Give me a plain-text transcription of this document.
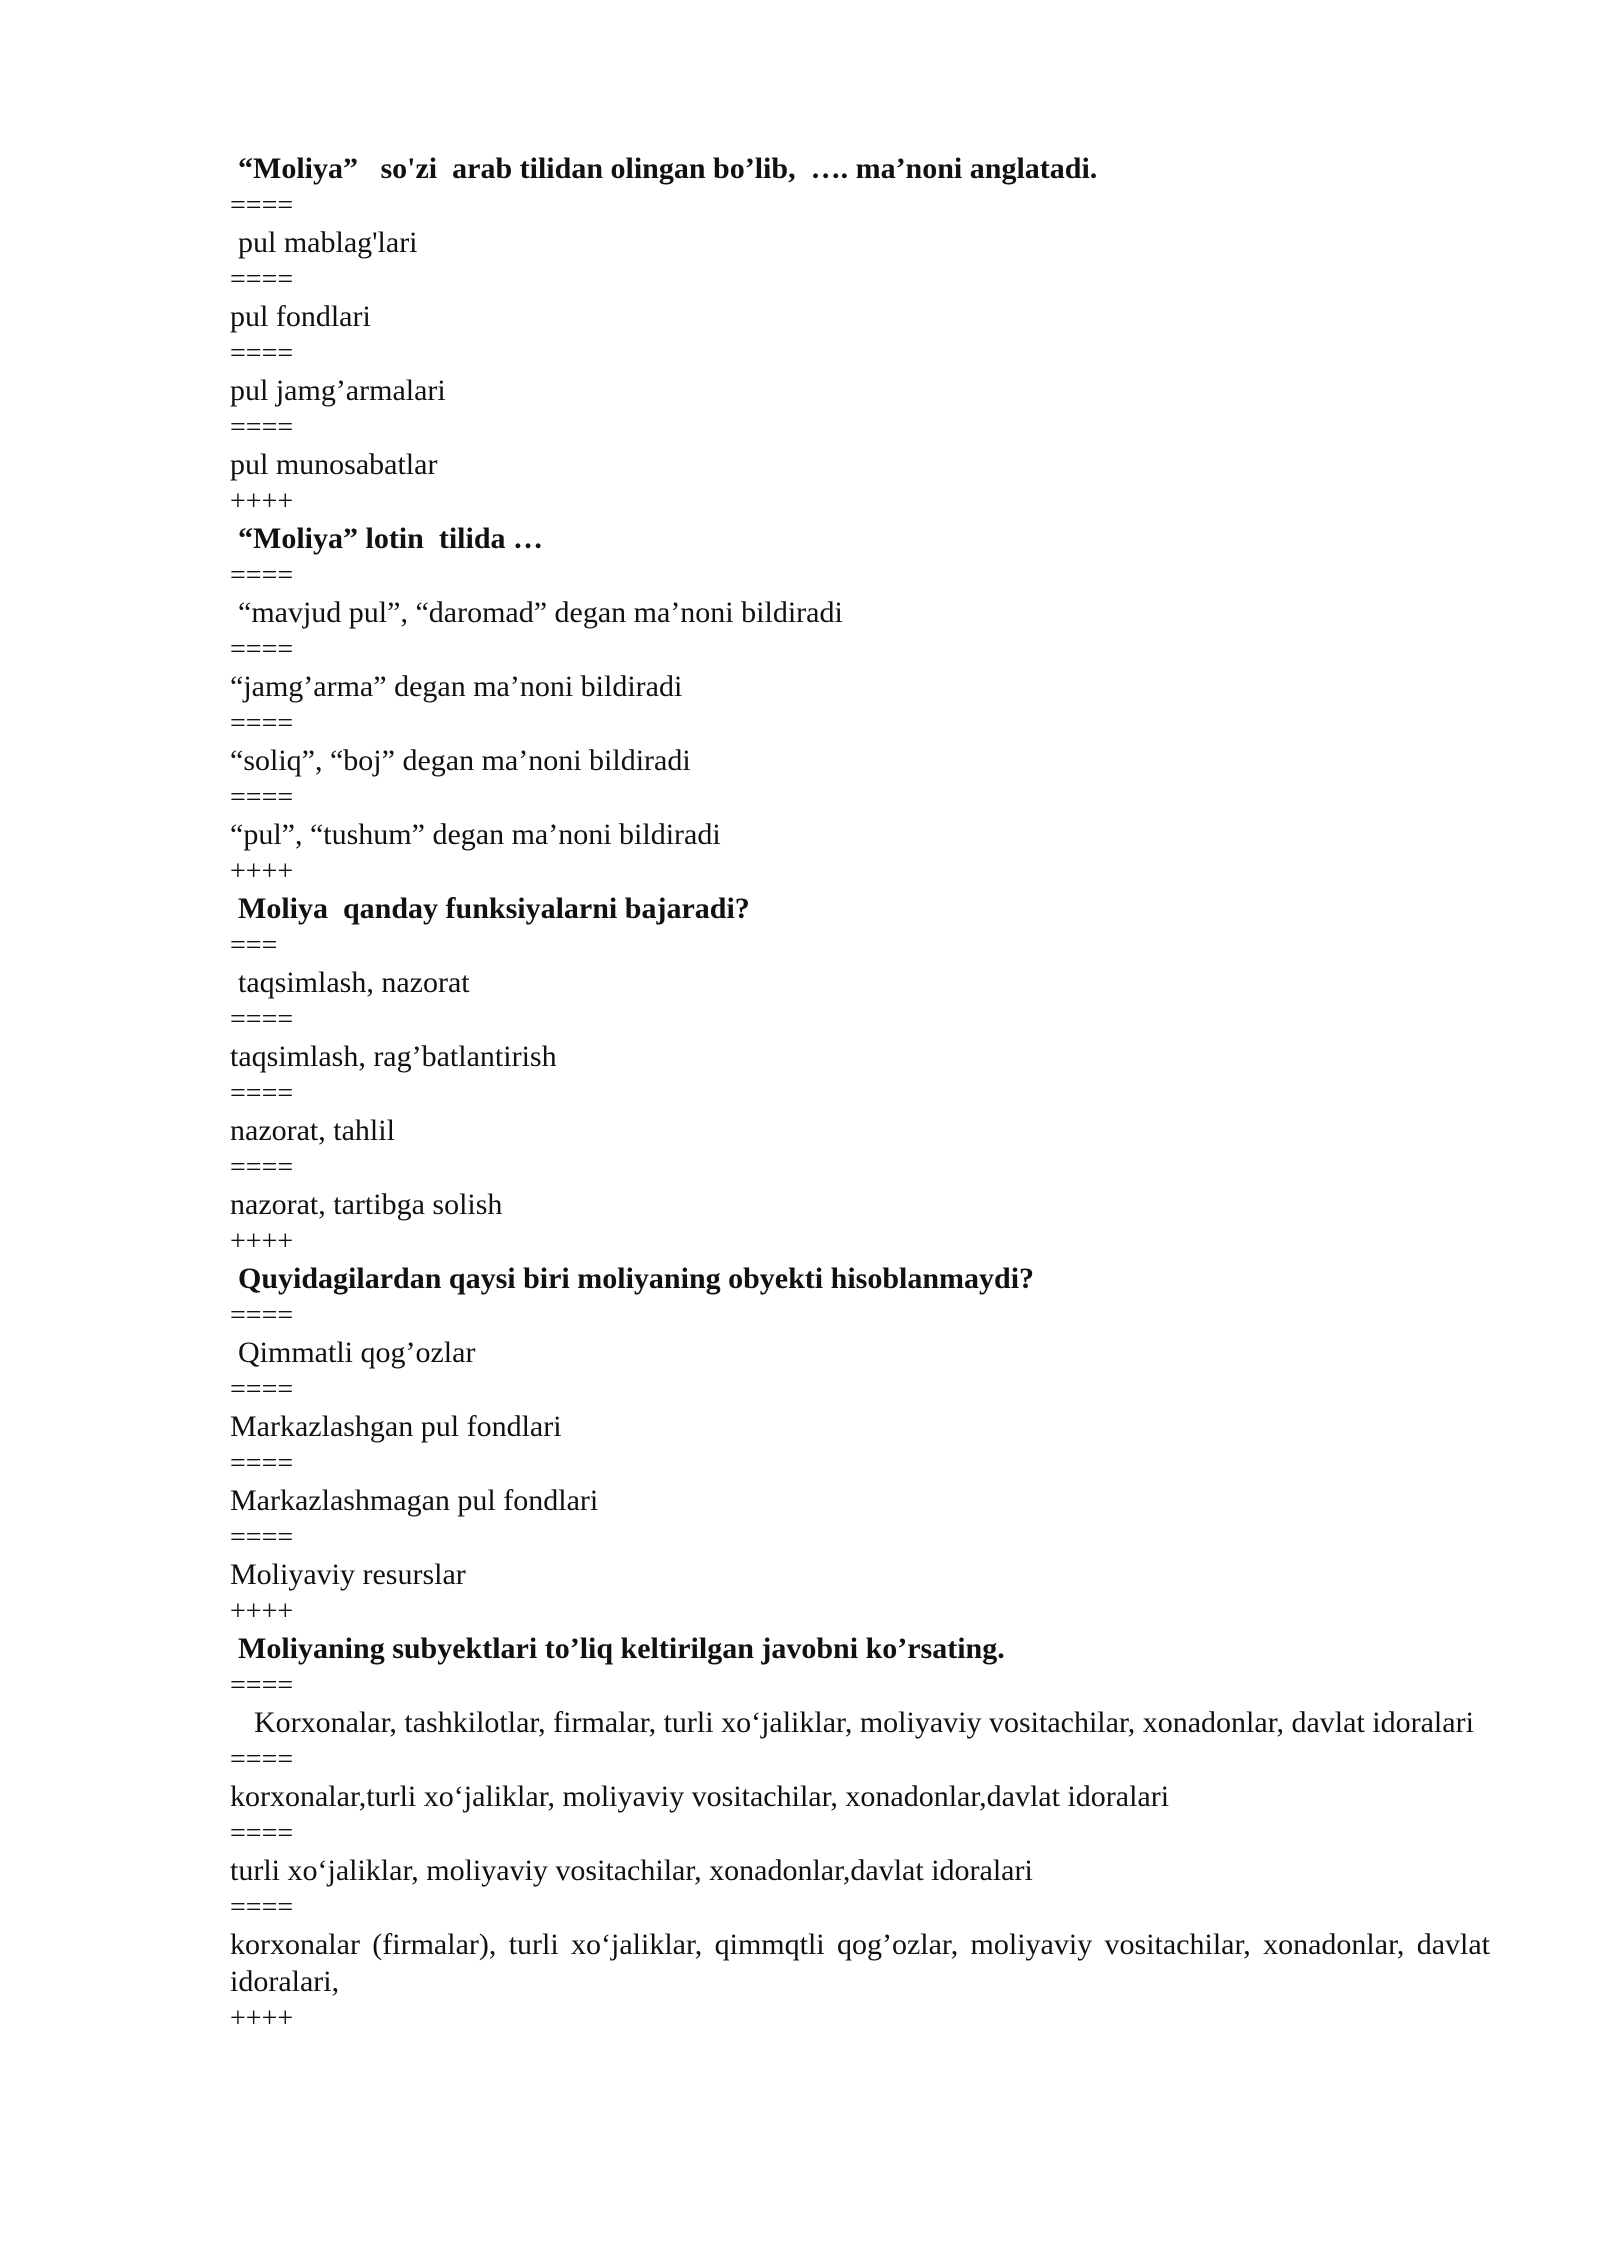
“Moliya”   so'zi  arab tilidan olingan bo’lib,  …. ma’noni anglatadi.
====
pul mablag'lari
====
pul fondlari
====
pul jamg’armalari
====
pul munosabatlar
++++
“Moliya” lotin  tilida …
====
“mavjud pul”, “daromad” degan ma’noni bildiradi
====
“jamg’arma” degan ma’noni bildiradi
====
“soliq”, “boj” degan ma’noni bildiradi
====
“pul”, “tushum” degan ma’noni bildiradi
++++
Moliya  qanday funksiyalarni bajaradi?
===
taqsimlash, nazorat
====
taqsimlash, rag’batlantirish
====
nazorat, tahlil
====
nazorat, tartibga solish
++++
Quyidagilardan qaysi biri moliyaning obyekti hisoblanmaydi?
====
Qimmatli qog’ozlar
====
Markazlashgan pul fondlari
====
Markazlashmagan pul fondlari
====
Moliyaviy resurslar
++++
Moliyaning subyektlari to’liq keltirilgan javobni ko’rsating.
====
Korxonalar, tashkilotlar, firmalar, turli xo‘jaliklar, moliyaviy vositachilar, xonadonlar, davlat idoralari
====
korxonalar,turli xo‘jaliklar, moliyaviy vositachilar, xonadonlar,davlat idoralari
====
turli xo‘jaliklar, moliyaviy vositachilar, xonadonlar,davlat idoralari
====
korxonalar (firmalar), turli xo‘jaliklar, qimmqtli qog’ozlar, moliyaviy vositachilar, xonadonlar, davlat idoralari,
++++
